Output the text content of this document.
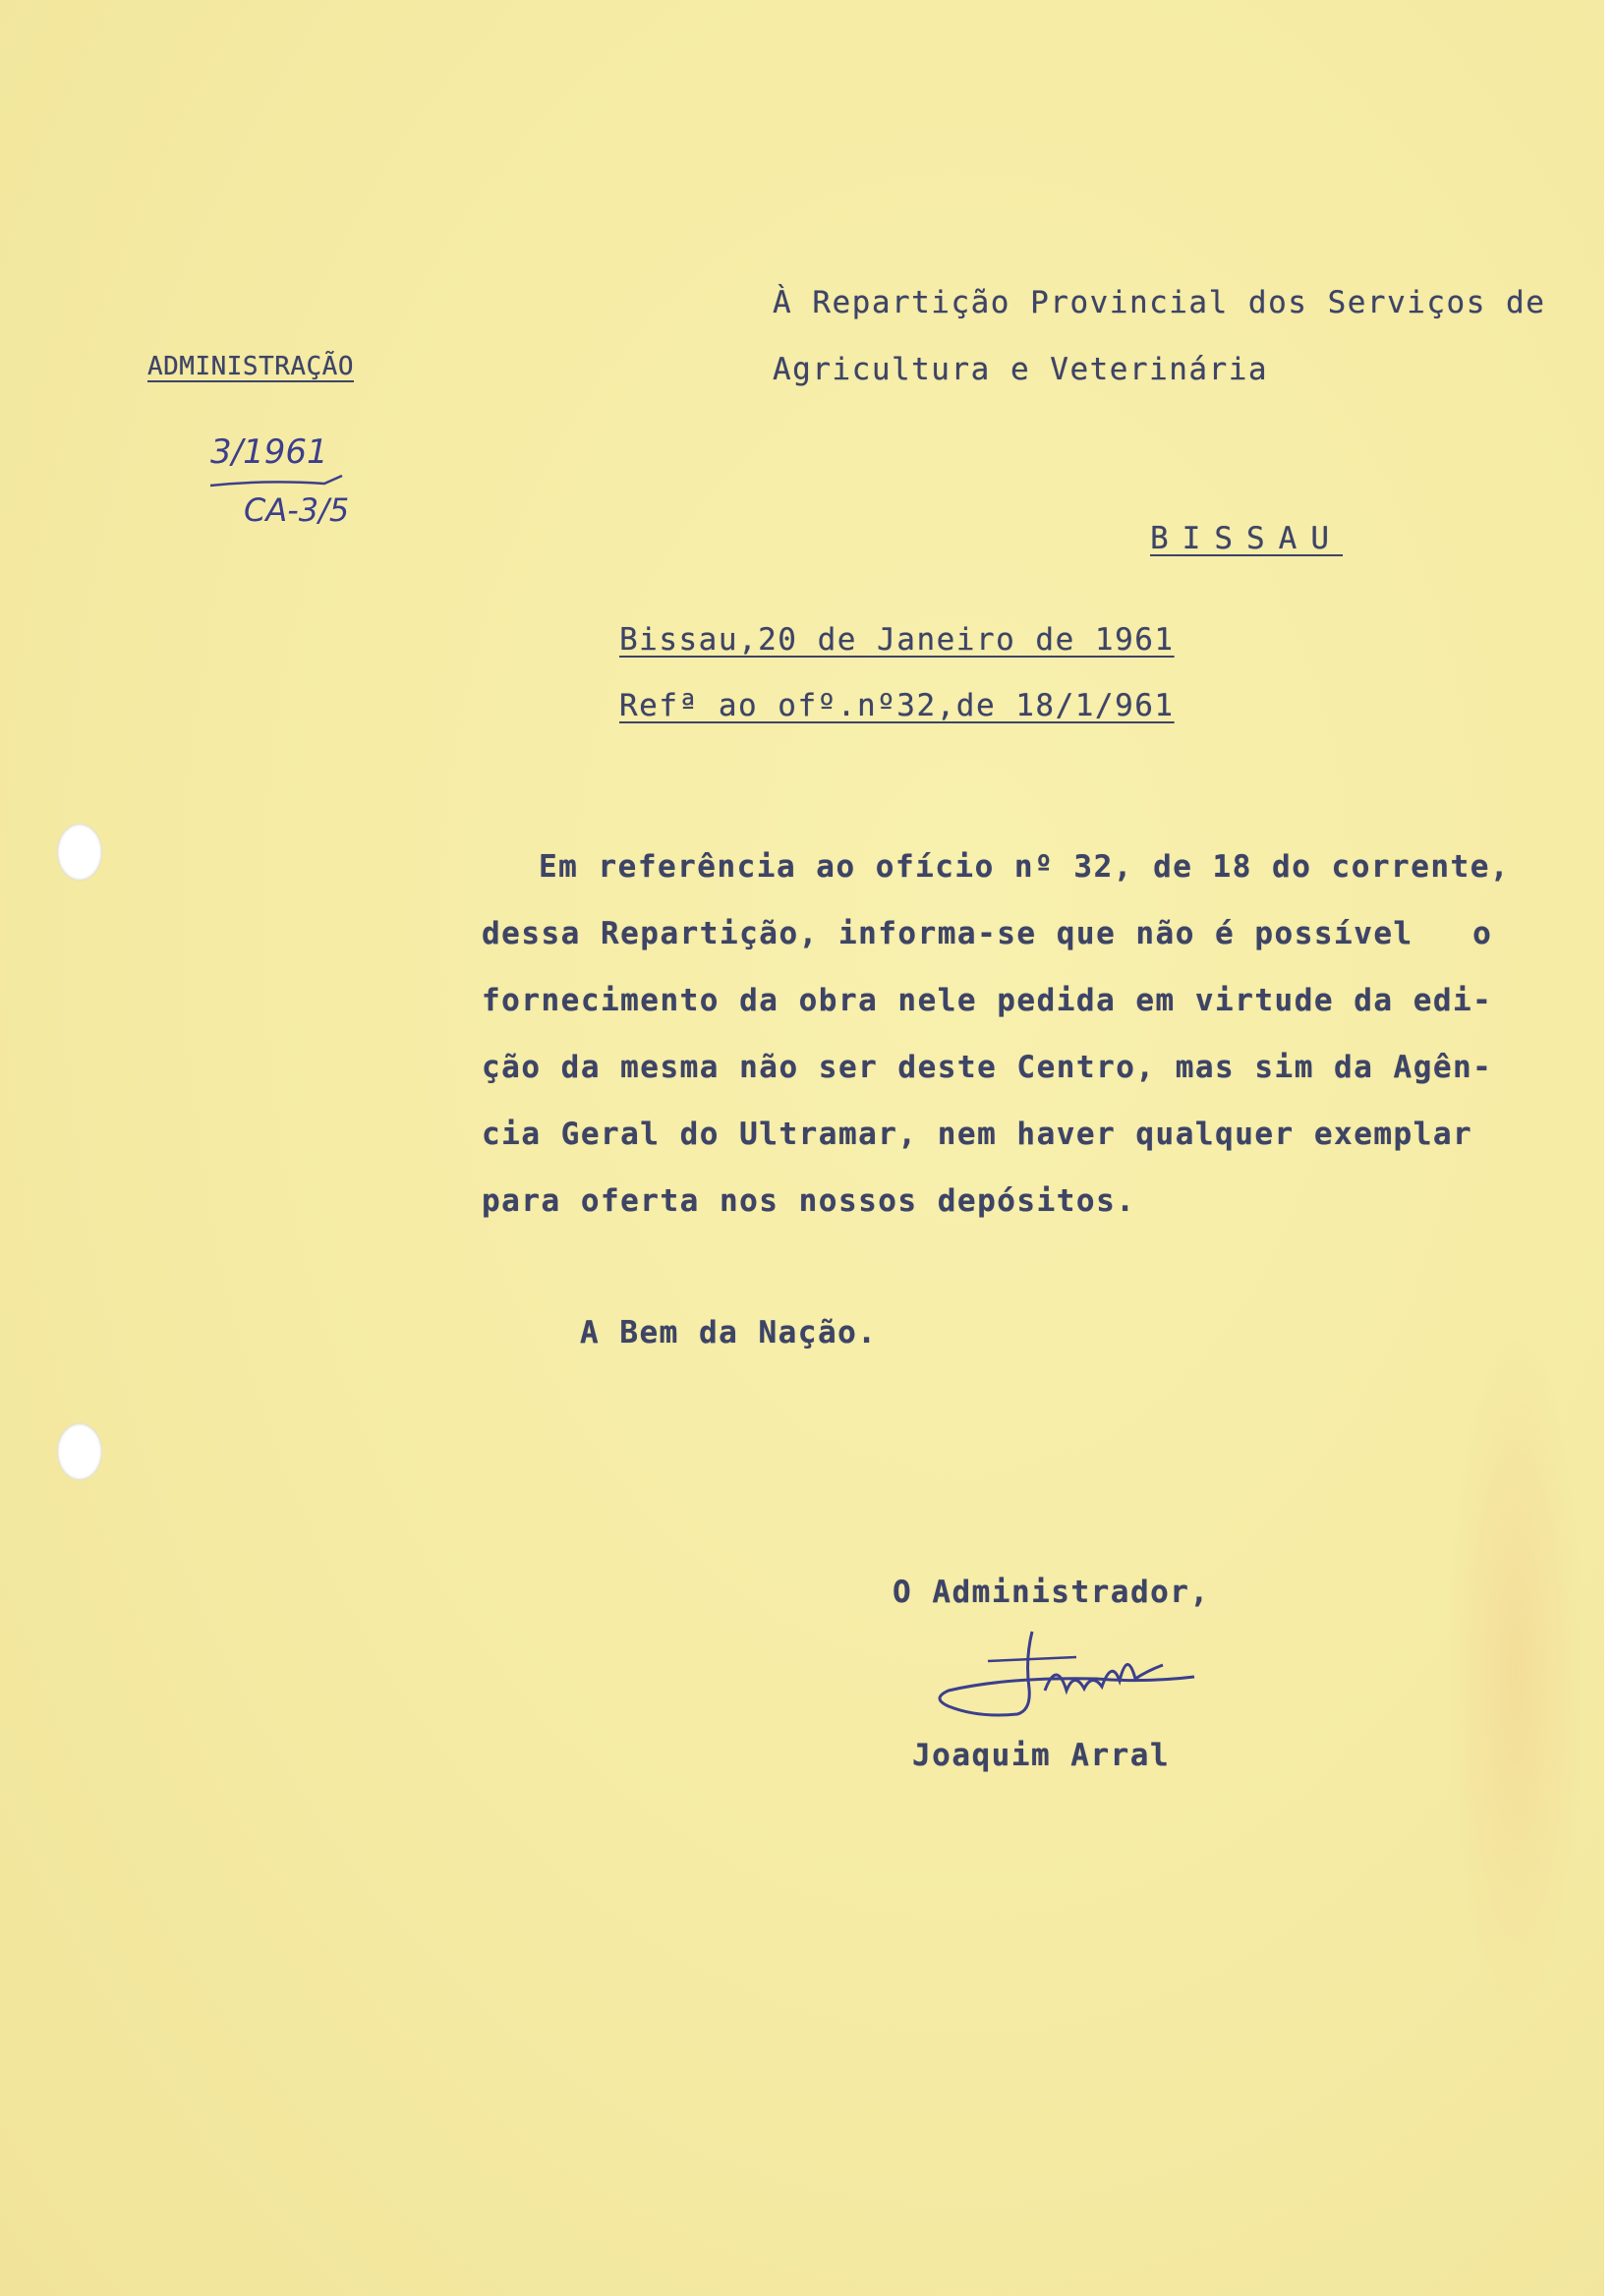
À Repartição Provincial dos Serviços de
Agricultura e Veterinária
BISSAU
ADMINISTRAÇÃO
3/1961
CA-3/5
Bissau,20 de Janeiro de 1961
Refª ao ofº.nº32,de 18/1/961
Em referência ao ofício nº 32, de 18 do corrente,
dessa Repartição, informa-se que não é possível   o
fornecimento da obra nele pedida em virtude da edi-
ção da mesma não ser deste Centro, mas sim da Agên-
cia Geral do Ultramar, nem haver qualquer exemplar
para oferta nos nossos depósitos.
A Bem da Nação.
O Administrador,
Joaquim Arral
